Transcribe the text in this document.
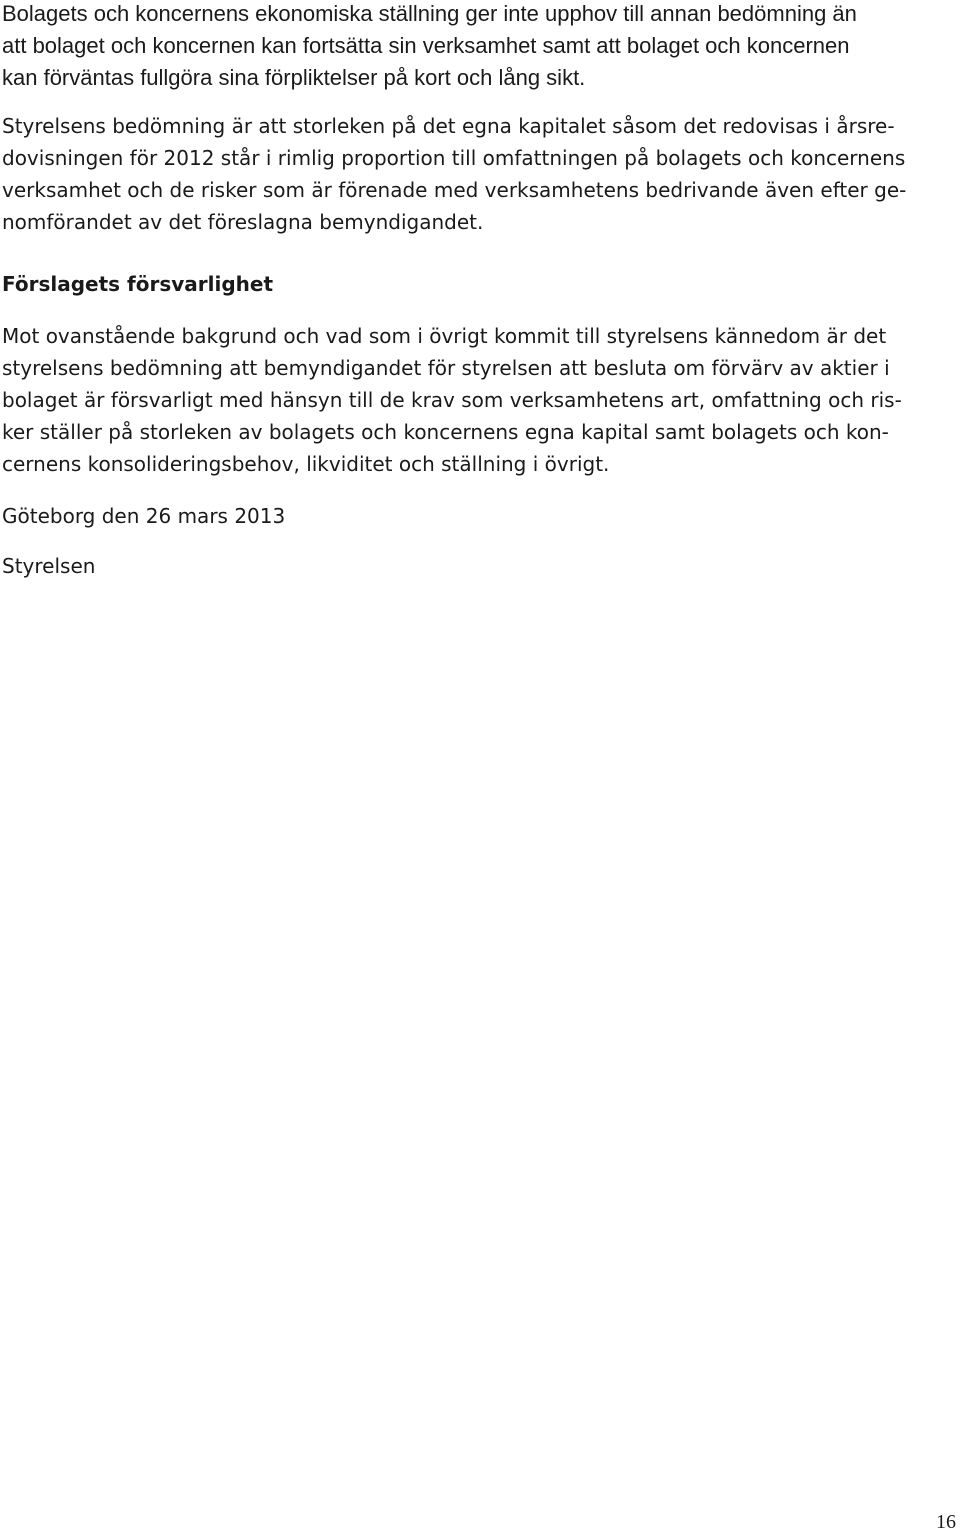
Bolagets och koncernens ekonomiska ställning ger inte upphov till annan bedömning än
att bolaget och koncernen kan fortsätta sin verksamhet samt att bolaget och koncernen
kan förväntas fullgöra sina förpliktelser på kort och lång sikt.

Styrelsens bedömning är att storleken på det egna kapitalet såsom det redovisas i årsre-
dovisningen för 2012 står i rimlig proportion till omfattningen på bolagets och koncernens
verksamhet och de risker som är förenade med verksamhetens bedrivande även efter ge-
nomförandet av det föreslagna bemyndigandet.

Förslagets försvarlighet

Mot ovanstående bakgrund och vad som i övrigt kommit till styrelsens kännedom är det
styrelsens bedömning att bemyndigandet för styrelsen att besluta om förvärv av aktier i
bolaget är försvarligt med hänsyn till de krav som verksamhetens art, omfattning och ris-
ker ställer på storleken av bolagets och koncernens egna kapital samt bolagets och kon-
cernens konsolideringsbehov, likviditet och ställning i övrigt.

Göteborg den 26 mars 2013

Styrelsen

16
